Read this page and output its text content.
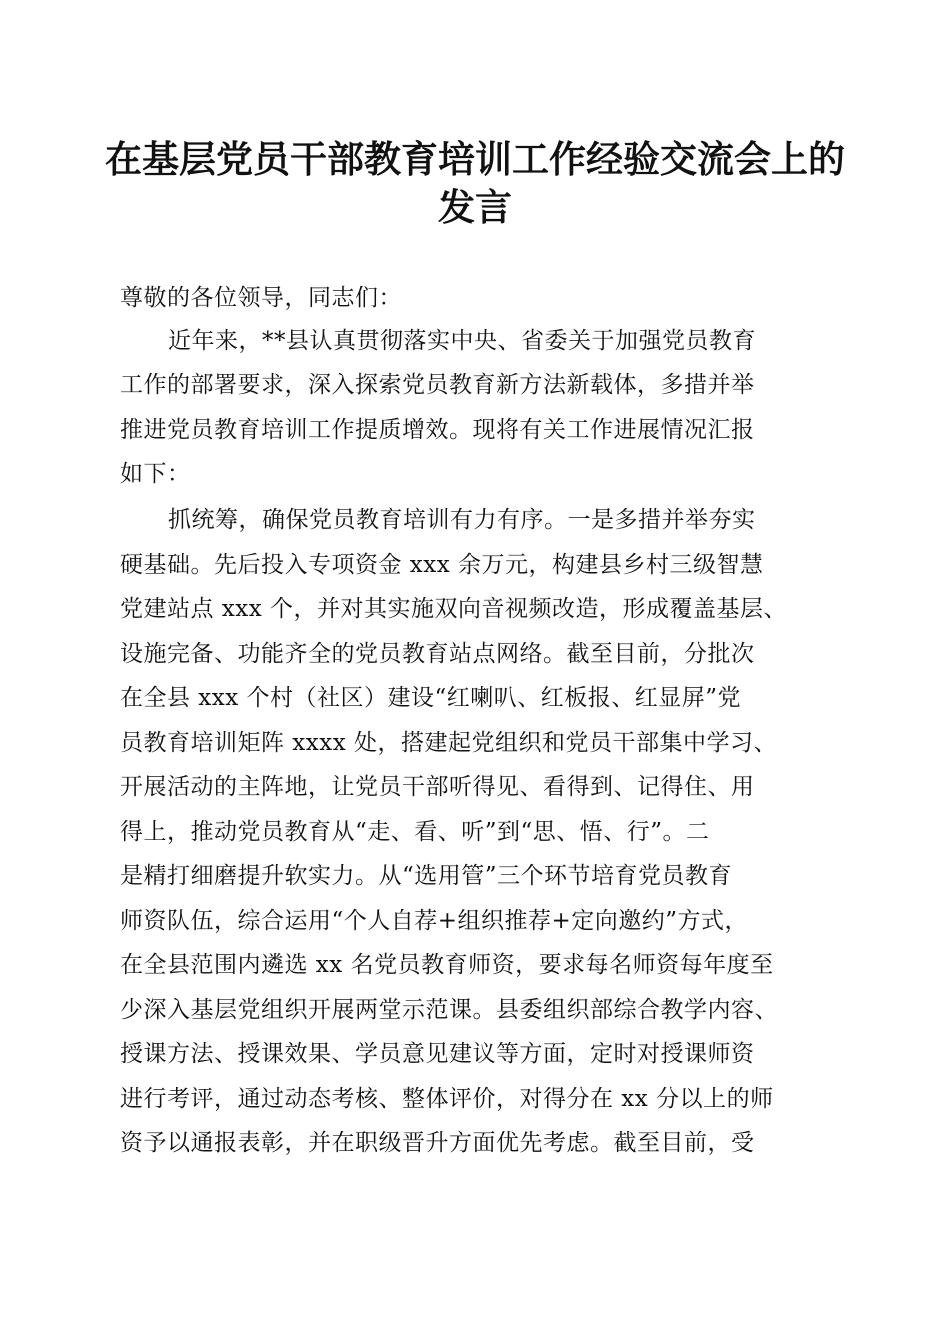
在基层党员干部教育培训工作经验交流会上的
发言
尊敬的各位领导，同志们：
近年来，**县认真贯彻落实中央、省委关于加强党员教育
工作的部署要求，深入探索党员教育新方法新载体，多措并举
推进党员教育培训工作提质增效。现将有关工作进展情况汇报
如下：
抓统筹，确保党员教育培训有力有序。一是多措并举夯实
硬基础。先后投入专项资金 xxx 余万元，构建县乡村三级智慧
党建站点 xxx 个，并对其实施双向音视频改造，形成覆盖基层、
设施完备、功能齐全的党员教育站点网络。截至目前，分批次
在全县 xxx 个村（社区）建设“红喇叭、红板报、红显屏”党
员教育培训矩阵 xxxx 处，搭建起党组织和党员干部集中学习、
开展活动的主阵地，让党员干部听得见、看得到、记得住、用
得上，推动党员教育从“走、看、听”到“思、悟、行”。二
是精打细磨提升软实力。从“选用管”三个环节培育党员教育
师资队伍，综合运用“个人自荐+组织推荐+定向邀约”方式，
在全县范围内遴选 xx 名党员教育师资，要求每名师资每年度至
少深入基层党组织开展两堂示范课。县委组织部综合教学内容、
授课方法、授课效果、学员意见建议等方面，定时对授课师资
进行考评，通过动态考核、整体评价，对得分在 xx 分以上的师
资予以通报表彰，并在职级晋升方面优先考虑。截至目前，受
